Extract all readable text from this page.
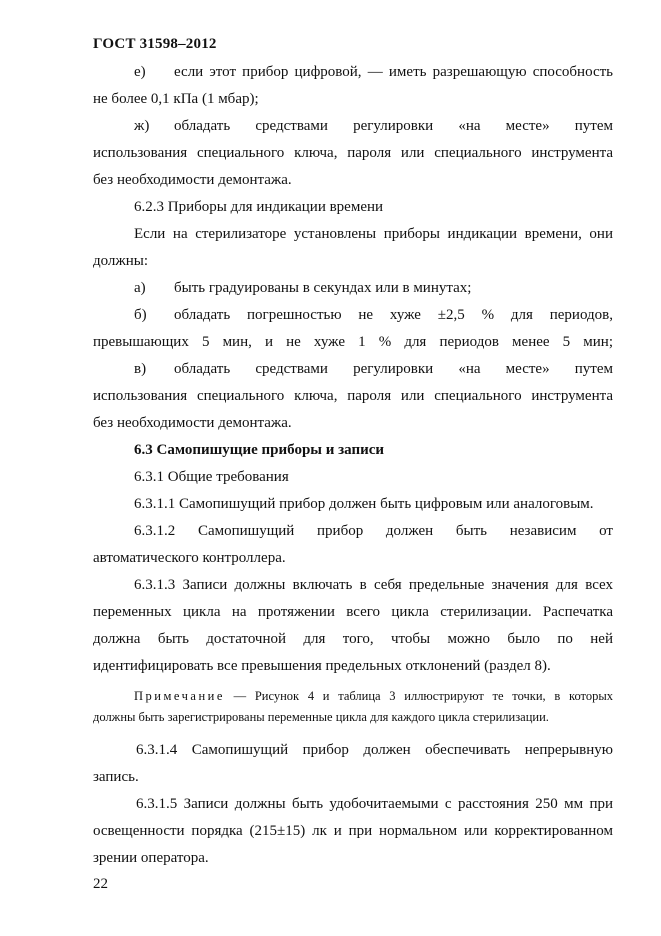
ГОСТ 31598–2012
е) если этот прибор цифровой, — иметь разрешающую способность
не более 0,1 кПа (1 мбар);
ж) обладать средствами регулировки «на месте» путем
использования специального ключа, пароля или специального инструмента
без необходимости демонтажа.
6.2.3 Приборы для индикации времени
Если на стерилизаторе установлены приборы индикации времени, они
должны:
а) быть градуированы в секундах или в минутах;
б) обладать погрешностью не хуже ±2,5 % для периодов,
превышающих 5 мин, и не хуже 1 % для периодов менее 5 мин;
в) обладать средствами регулировки «на месте» путем
использования специального ключа, пароля или специального инструмента
без необходимости демонтажа.
6.3 Самопишущие приборы и записи
6.3.1 Общие требования
6.3.1.1 Самопишущий прибор должен быть цифровым или аналоговым.
6.3.1.2 Самопишущий прибор должен быть независим от
автоматического контроллера.
6.3.1.3 Записи должны включать в себя предельные значения для всех
переменных цикла на протяжении всего цикла стерилизации. Распечатка
должна быть достаточной для того, чтобы можно было по ней
идентифицировать все превышения предельных отклонений (раздел 8).
Примечание — Рисунок 4 и таблица 3 иллюстрируют те точки, в которых
должны быть зарегистрированы переменные цикла для каждого цикла стерилизации.
6.3.1.4 Самопишущий прибор должен обеспечивать непрерывную
запись.
6.3.1.5 Записи должны быть удобочитаемыми с расстояния 250 мм при
освещенности порядка (215±15) лк и при нормальном или корректированном
зрении оператора.
22
